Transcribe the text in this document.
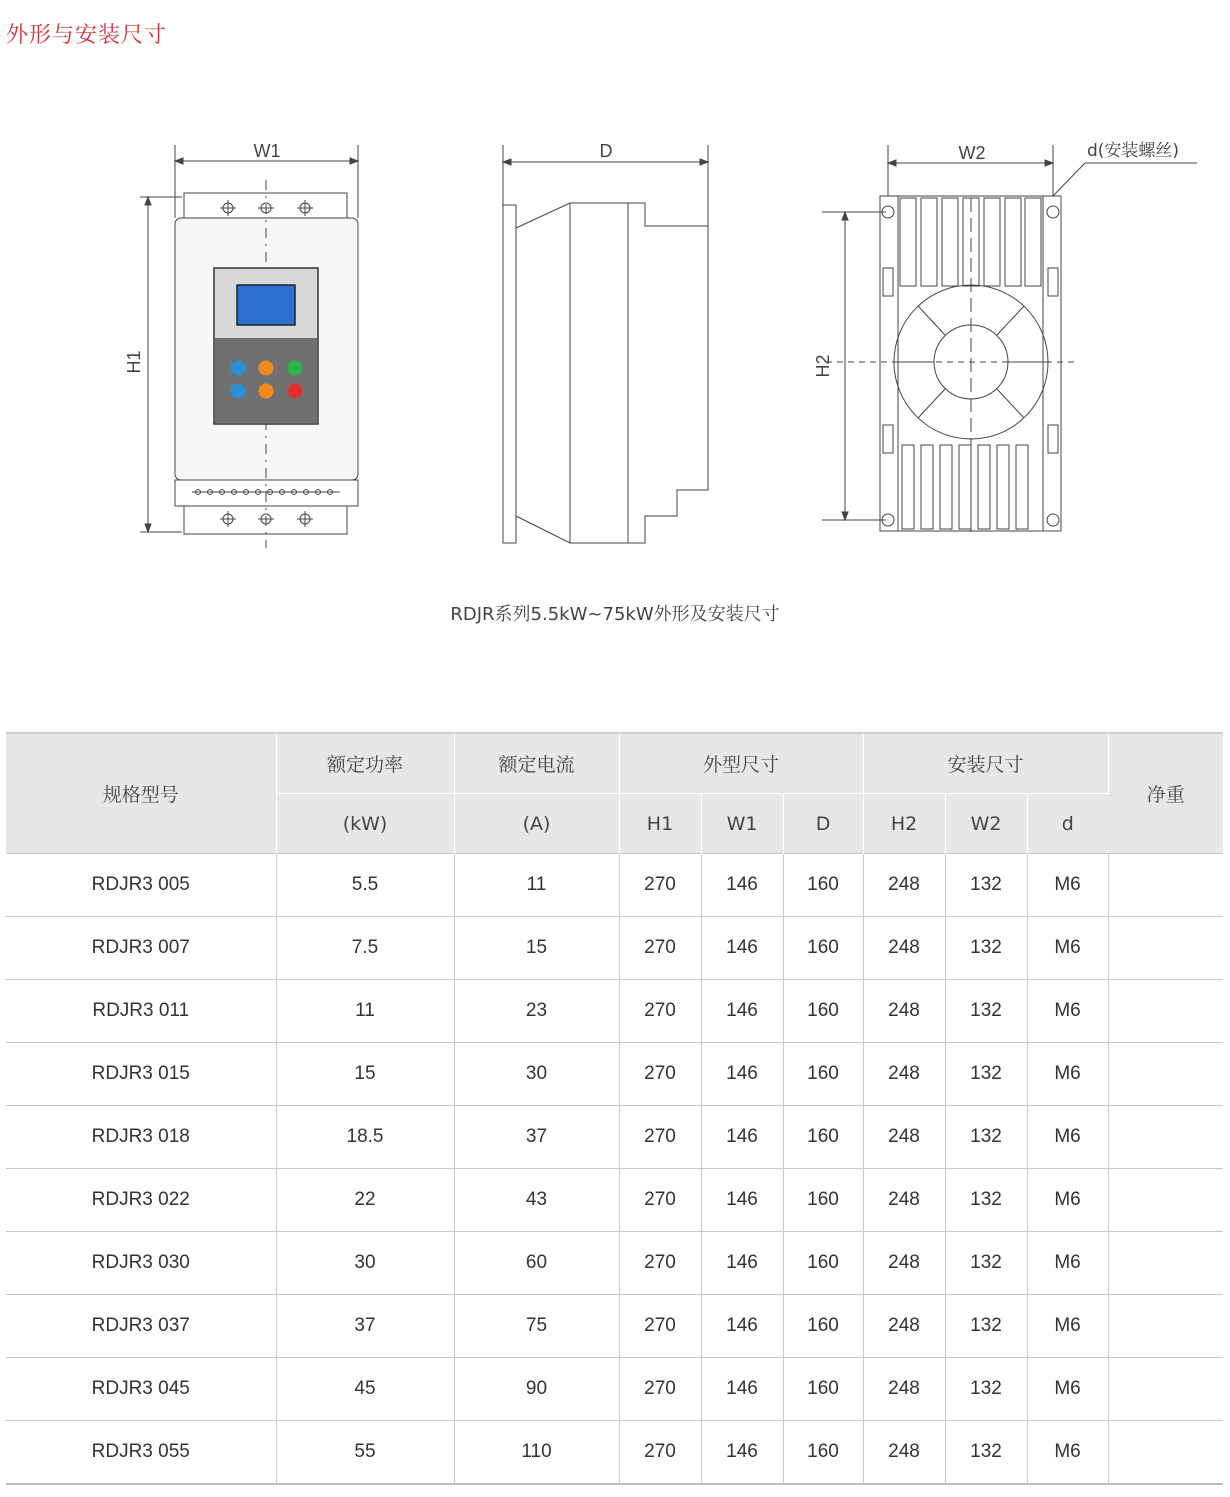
外形与安装尺寸
W1
H1
D	W2
H2
d(安装螺丝)
RDJR系列5.5kW~75kW外形及安装尺寸
规格型号	额定功率	额定电流	外型尺寸			安装尺寸			净重
	(kW)	(A)	H1	W1	D	H2	W2	d	
RDJR3 005	5.5	11	270	146	160	248	132	M6	
RDJR3 007	7.5	15	270	146	160	248	132	M6	
RDJR3 011	11	23	270	146	160	248	132	M6	
RDJR3 015	15	30	270	146	160	248	132	M6	
RDJR3 018	18.5	37	270	146	160	248	132	M6	
RDJR3 022	22	43	270	146	160	248	132	M6	
RDJR3 030	30	60	270	146	160	248	132	M6	
RDJR3 037	37	75	270	146	160	248	132	M6	
RDJR3 045	45	90	270	146	160	248	132	M6	
RDJR3 055	55	110	270	146	160	248	132	M6	
